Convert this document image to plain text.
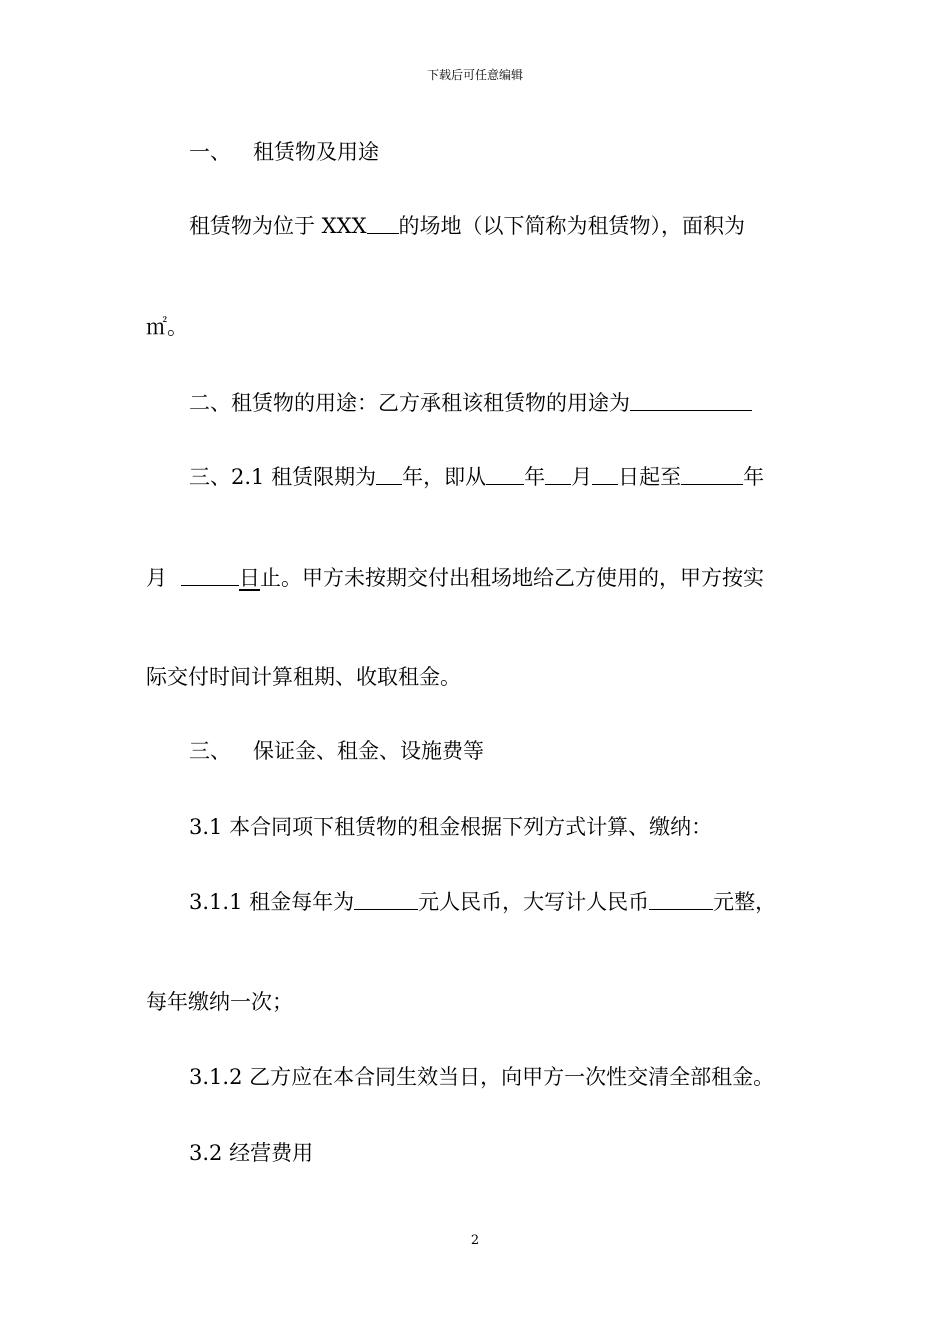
下载后可任意编辑
一、 租赁物及用途
租赁物为位于 XXX 的场地（以下简称为租赁物），面积为
㎡。
二、租赁物的用途：乙方承租该租赁物的用途为
三、2.1 租赁限期为 年，即从 年 月 日起至	年
月	日止。甲方未按期交付出租场地给乙方使用的，甲方按实
际交付时间计算租期、收取租金。
三、 保证金、租金、设施费等
3.1 本合同项下租赁物的租金根据下列方式计算、缴纳：
3.1.1 租金每年为	元人民币，大写计人民币	元整，
每年缴纳一次；
3.1.2 乙方应在本合同生效当日，向甲方一次性交清全部租金。
3.2 经营费用
2
